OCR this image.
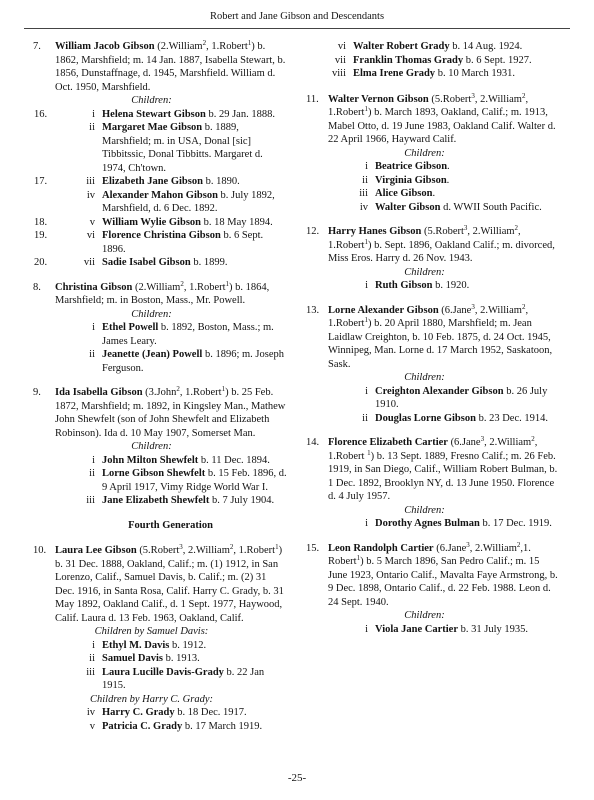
Robert and Jane Gibson and Descendants
7. William Jacob Gibson (2.William$^2$, 1.Robert$^1$) b. 1862, Marshfield; m. 14 Jan. 1887, Isabella Stewart, b. 1856, Dunstaffnage, d. 1945, Marshfield. William d. Oct. 1950, Marshfield.
Children:
16.	i Helena Stewart Gibson b. 29 Jan. 1888.
ii Margaret Mae Gibson b. 1889, Marshfield; m. in USA, Donal [sic] Tibbitssic, Donal Tibbitts. Margaret d. 1974, Ch'town.
17.	iii Elizabeth Jane Gibson b. 1890.
iv Alexander Mahon Gibson b. July 1892, Marshfield, d. 6 Dec. 1892.
18.	v William Wylie Gibson b. 18 May 1894.
19.	vi Florence Christina Gibson b. 6 Sept. 1896.
20.	vii Sadie Isabel Gibson b. 1899.
8. Christina Gibson (2.William$^2$, 1.Robert$^1$) b. 1864, Marshfield; m. in Boston, Mass., Mr. Powell.
Children:
i Ethel Powell b. 1892, Boston, Mass.; m. James Leary.
ii Jeanette (Jean) Powell b. 1896; m. Joseph Ferguson.
9. Ida Isabella Gibson (3.John$^2$, 1.Robert$^1$) b. 25 Feb. 1872, Marshfield; m. 1892, in Kingsley Man., Mathew John Shewfelt (son of John Shewfelt and Elizabeth Robinson). Ida d. 10 May 1907, Somerset Man.
Children:
i John Milton Shewfelt b. 11 Dec. 1894.
ii Lorne Gibson Shewfelt b. 15 Feb. 1896, d. 9 April 1917, Vimy Ridge World War I.
iii Jane Elizabeth Shewfelt b. 7 July 1904.
Fourth Generation
10. Laura Lee Gibson (5.Robert$^3$, 2.William$^2$, 1.Robert$^1$) b. 31 Dec. 1888, Oakland, Calif.; m. (1) 1912, in San Lorenzo, Calif., Samuel Davis, b. Calif.; m. (2) 31 Dec. 1916, in Santa Rosa, Calif. Harry C. Grady, b. 31 May 1892, Oakland Calif., d. 1 Sept. 1977, Haywood, Calif. Laura d. 13 Feb. 1963, Oakland, Calif.
Children by Samuel Davis:
i Ethyl M. Davis b. 1912.
ii Samuel Davis b. 1913.
iii Laura Lucille Davis-Grady b. 22 Jan 1915.
Children by Harry C. Grady:
iv Harry C. Grady b. 18 Dec. 1917.
v Patricia C. Grady b. 17 March 1919.
vi Walter Robert Grady b. 14 Aug. 1924.
vii Franklin Thomas Grady b. 6 Sept. 1927.
viii Elma Irene Grady b. 10 March 1931.
11. Walter Vernon Gibson (5.Robert$^3$, 2.William$^2$, 1.Robert$^1$) b. March 1893, Oakland, Calif.; m. 1913, Mabel Otto, d. 19 June 1983, Oakland Calif. Walter d. 22 April 1966, Hayward Calif.
Children:
i Beatrice Gibson.
ii Virginia Gibson.
iii Alice Gibson.
iv Walter Gibson d. WWII South Pacific.
12. Harry Hanes Gibson (5.Robert$^3$, 2.William$^2$, 1.Robert$^1$) b. Sept. 1896, Oakland Calif.; m. divorced, Miss Eros. Harry d. 26 Nov. 1943.
Children:
i Ruth Gibson b. 1920.
13. Lorne Alexander Gibson (6.Jane$^3$, 2.William$^2$, 1.Robert$^1$) b. 20 April 1880, Marshfield; m. Jean Laidlaw Creighton, b. 10 Feb. 1875, d. 24 Oct. 1945, Winnipeg, Man. Lorne d. 17 March 1952, Saskatoon, Sask.
Children:
i Creighton Alexander Gibson b. 26 July 1910.
ii Douglas Lorne Gibson b. 23 Dec. 1914.
14. Florence Elizabeth Cartier (6.Jane$^3$, 2.William$^2$, 1.Robert $^1$) b. 13 Sept. 1889, Fresno Calif.; m. 26 Feb. 1919, in San Diego, Calif., William Robert Bulman, b. 1 Dec. 1892, Brooklyn NY, d. 13 June 1950. Florence d. 4 July 1957.
Children:
i Dorothy Agnes Bulman b. 17 Dec. 1919.
15. Leon Randolph Cartier (6.Jane$^3$, 2.William$^2$,1. Robert$^1$) b. 5 March 1896, San Pedro Calif.; m. 15 June 1923, Ontario Calif., Mavalta Faye Armstrong, b. 9 Dec. 1898, Ontario Calif., d. 22 Feb. 1988. Leon d. 24 Sept. 1940.
Children:
i Viola Jane Cartier b. 31 July 1935.
-25-
